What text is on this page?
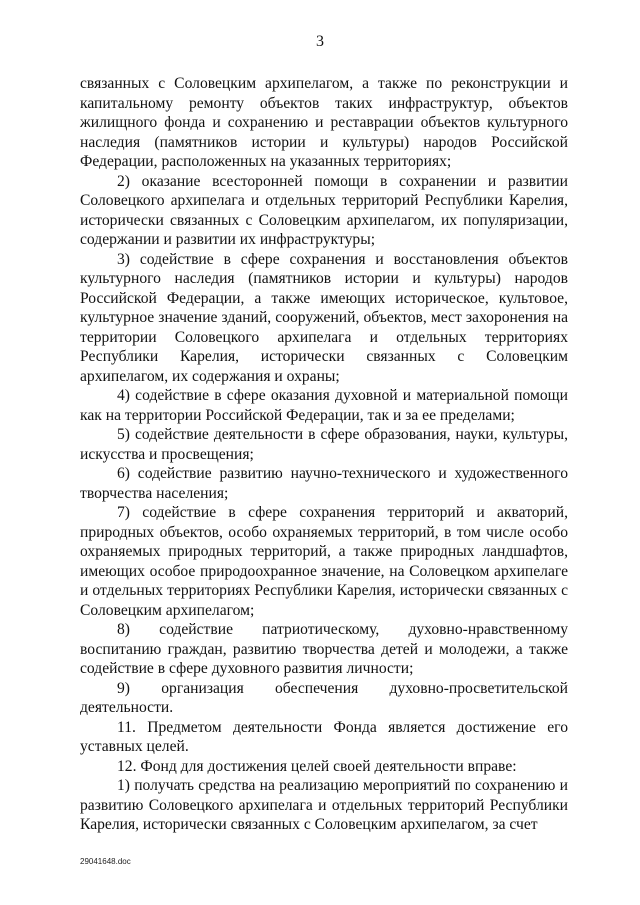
3

связанных с Соловецким архипелагом, а также по реконструкции и капитальному ремонту объектов таких инфраструктур, объектов жилищного фонда и сохранению и реставрации объектов культурного наследия (памятников истории и культуры) народов Российской Федерации, расположенных на указанных территориях;

2) оказание всесторонней помощи в сохранении и развитии Соловецкого архипелага и отдельных территорий Республики Карелия, исторически связанных с Соловецким архипелагом, их популяризации, содержании и развитии их инфраструктуры;

3) содействие в сфере сохранения и восстановления объектов культурного наследия (памятников истории и культуры) народов Российской Федерации, а также имеющих историческое, культовое, культурное значение зданий, сооружений, объектов, мест захоронения на территории Соловецкого архипелага и отдельных территориях Республики Карелия, исторически связанных с Соловецким архипелагом, их содержания и охраны;

4) содействие в сфере оказания духовной и материальной помощи как на территории Российской Федерации, так и за ее пределами;

5) содействие деятельности в сфере образования, науки, культуры, искусства и просвещения;

6) содействие развитию научно-технического и художественного творчества населения;

7) содействие в сфере сохранения территорий и акваторий, природных объектов, особо охраняемых территорий, в том числе особо охраняемых природных территорий, а также природных ландшафтов, имеющих особое природоохранное значение, на Соловецком архипелаге и отдельных территориях Республики Карелия, исторически связанных с Соловецким архипелагом;

8) содействие патриотическому, духовно-нравственному воспитанию граждан, развитию творчества детей и молодежи, а также содействие в сфере духовного развития личности;

9) организация обеспечения духовно-просветительской деятельности.

11. Предметом деятельности Фонда является достижение его уставных целей.

12. Фонд для достижения целей своей деятельности вправе:

1) получать средства на реализацию мероприятий по сохранению и развитию Соловецкого архипелага и отдельных территорий Республики Карелия, исторически связанных с Соловецким архипелагом, за счет

29041648.doc
